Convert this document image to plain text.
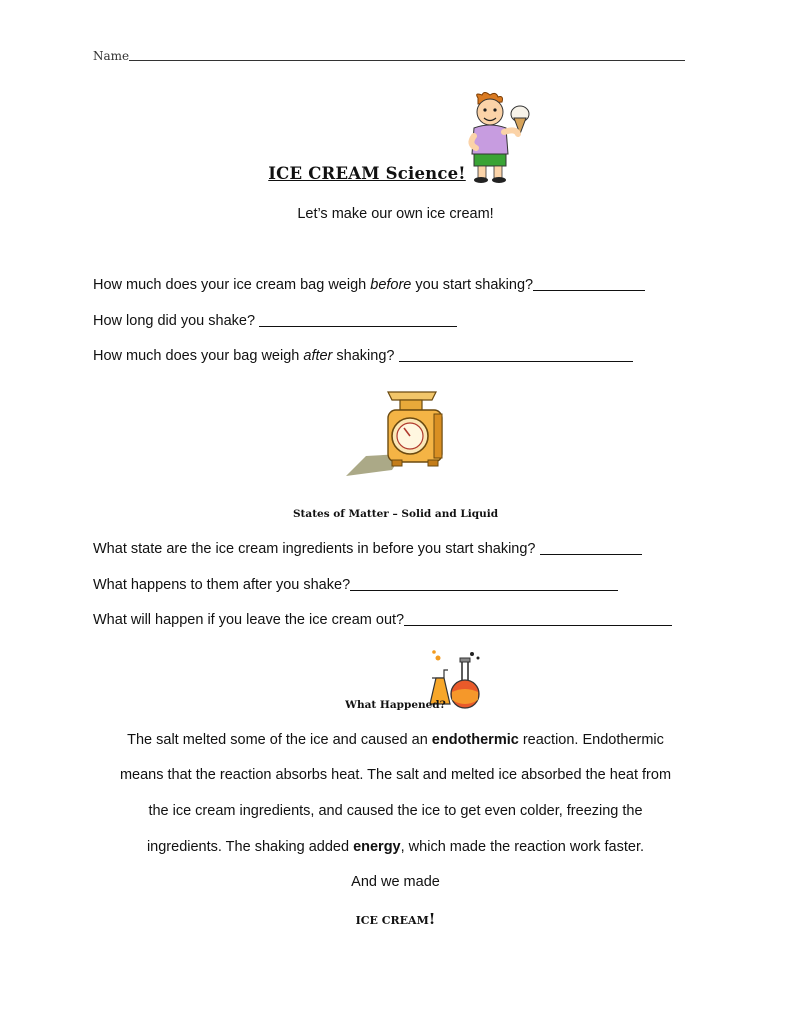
Name
ICE CREAM Science!
Let’s make our own ice cream!
How much does your ice cream bag weigh before you start shaking?
How long did you shake?
How much does your bag weigh after shaking?
States of Matter – Solid and Liquid
What state are the ice cream ingredients in before you start shaking?
What happens to them after you shake?
What will happen if you leave the ice cream out?
What Happened?
The salt melted some of the ice and caused an endothermic reaction. Endothermic
means that the reaction absorbs heat. The salt and melted ice absorbed the heat from
the ice cream ingredients, and caused the ice to get even colder, freezing the
ingredients. The shaking added energy, which made the reaction work faster.
And we made
ICE CREAM!
